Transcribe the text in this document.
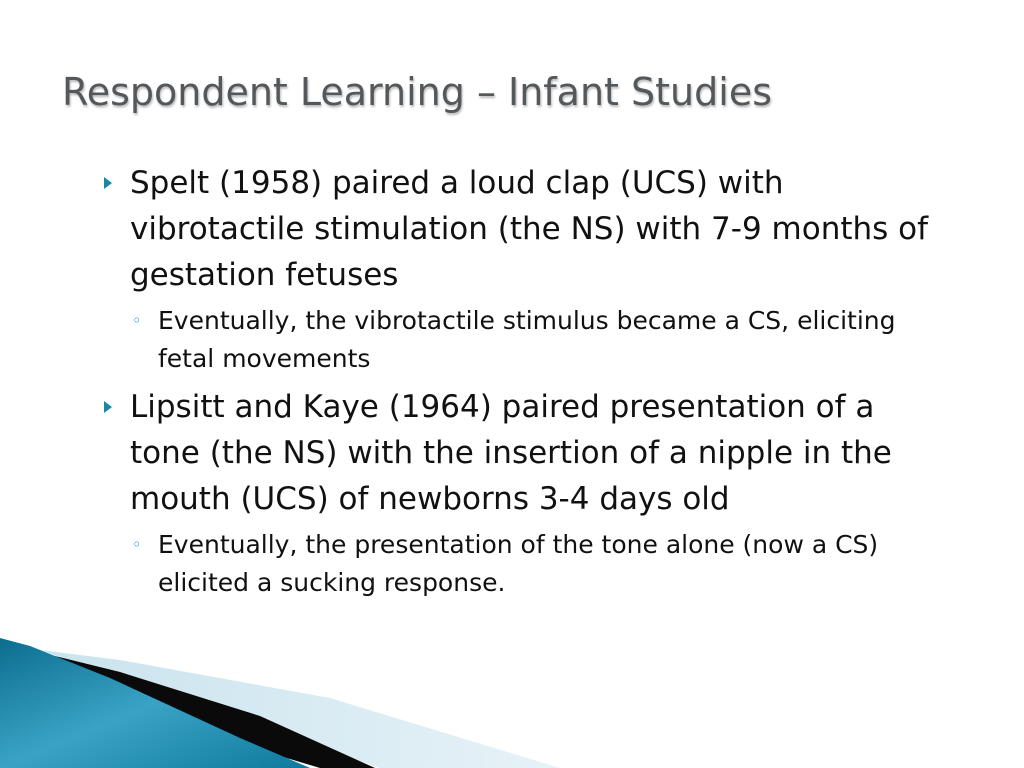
Respondent Learning – Infant Studies
Spelt (1958) paired a loud clap (UCS) with vibrotactile stimulation (the NS) with 7-9 months of gestation fetuses
◦ Eventually, the vibrotactile stimulus became a CS, eliciting fetal movements
Lipsitt and Kaye (1964) paired presentation of a tone (the NS) with the insertion of a nipple in the mouth (UCS) of newborns 3-4 days old
◦ Eventually, the presentation of the tone alone (now a CS) elicited a sucking response.
